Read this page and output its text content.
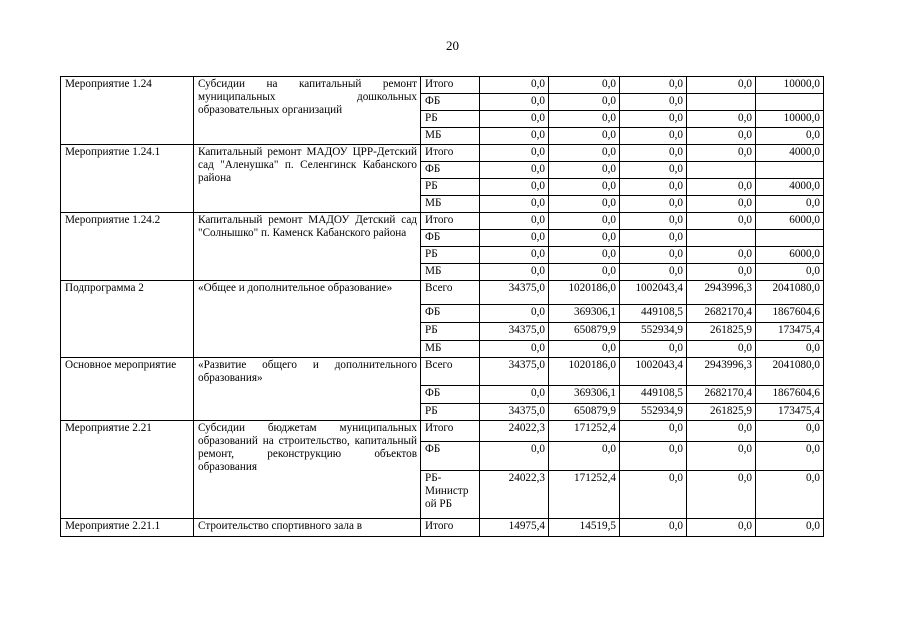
20
Мероприятие 1.24	Субсидии на капитальный ремонт муниципальных дошкольных образовательных организаций	Итого	0,0	0,0	0,0	0,0	10000,0
		ФБ	0,0	0,0	0,0		
		РБ	0,0	0,0	0,0	0,0	10000,0
		МБ	0,0	0,0	0,0	0,0	0,0
Мероприятие 1.24.1	Капитальный ремонт МАДОУ ЦРР-Детский сад "Аленушка" п. Селенгинск Кабанского района	Итого	0,0	0,0	0,0	0,0	4000,0
		ФБ	0,0	0,0	0,0		
		РБ	0,0	0,0	0,0	0,0	4000,0
		МБ	0,0	0,0	0,0	0,0	0,0
Мероприятие 1.24.2	Капитальный ремонт МАДОУ Детский сад "Солнышко" п. Каменск Кабанского района	Итого	0,0	0,0	0,0	0,0	6000,0
		ФБ	0,0	0,0	0,0		
		РБ	0,0	0,0	0,0	0,0	6000,0
		МБ	0,0	0,0	0,0	0,0	0,0
Подпрограмма 2	«Общее и дополнительное образование»	Всего	34375,0	1020186,0	1002043,4	2943996,3	2041080,0
		ФБ	0,0	369306,1	449108,5	2682170,4	1867604,6
		РБ	34375,0	650879,9	552934,9	261825,9	173475,4
		МБ	0,0	0,0	0,0	0,0	0,0
Основное мероприятие	«Развитие общего и дополнительного образования»	Всего	34375,0	1020186,0	1002043,4	2943996,3	2041080,0
		ФБ	0,0	369306,1	449108,5	2682170,4	1867604,6
		РБ	34375,0	650879,9	552934,9	261825,9	173475,4
Мероприятие 2.21	Субсидии бюджетам муниципальных образований на строительство, капитальный ремонт, реконструкцию объектов образования	Итого	24022,3	171252,4	0,0	0,0	0,0
		ФБ	0,0	0,0	0,0	0,0	0,0
		РБ-Министр ой РБ	24022,3	171252,4	0,0	0,0	0,0
Мероприятие 2.21.1	Строительство спортивного зала в	Итого	14975,4	14519,5	0,0	0,0	0,0
